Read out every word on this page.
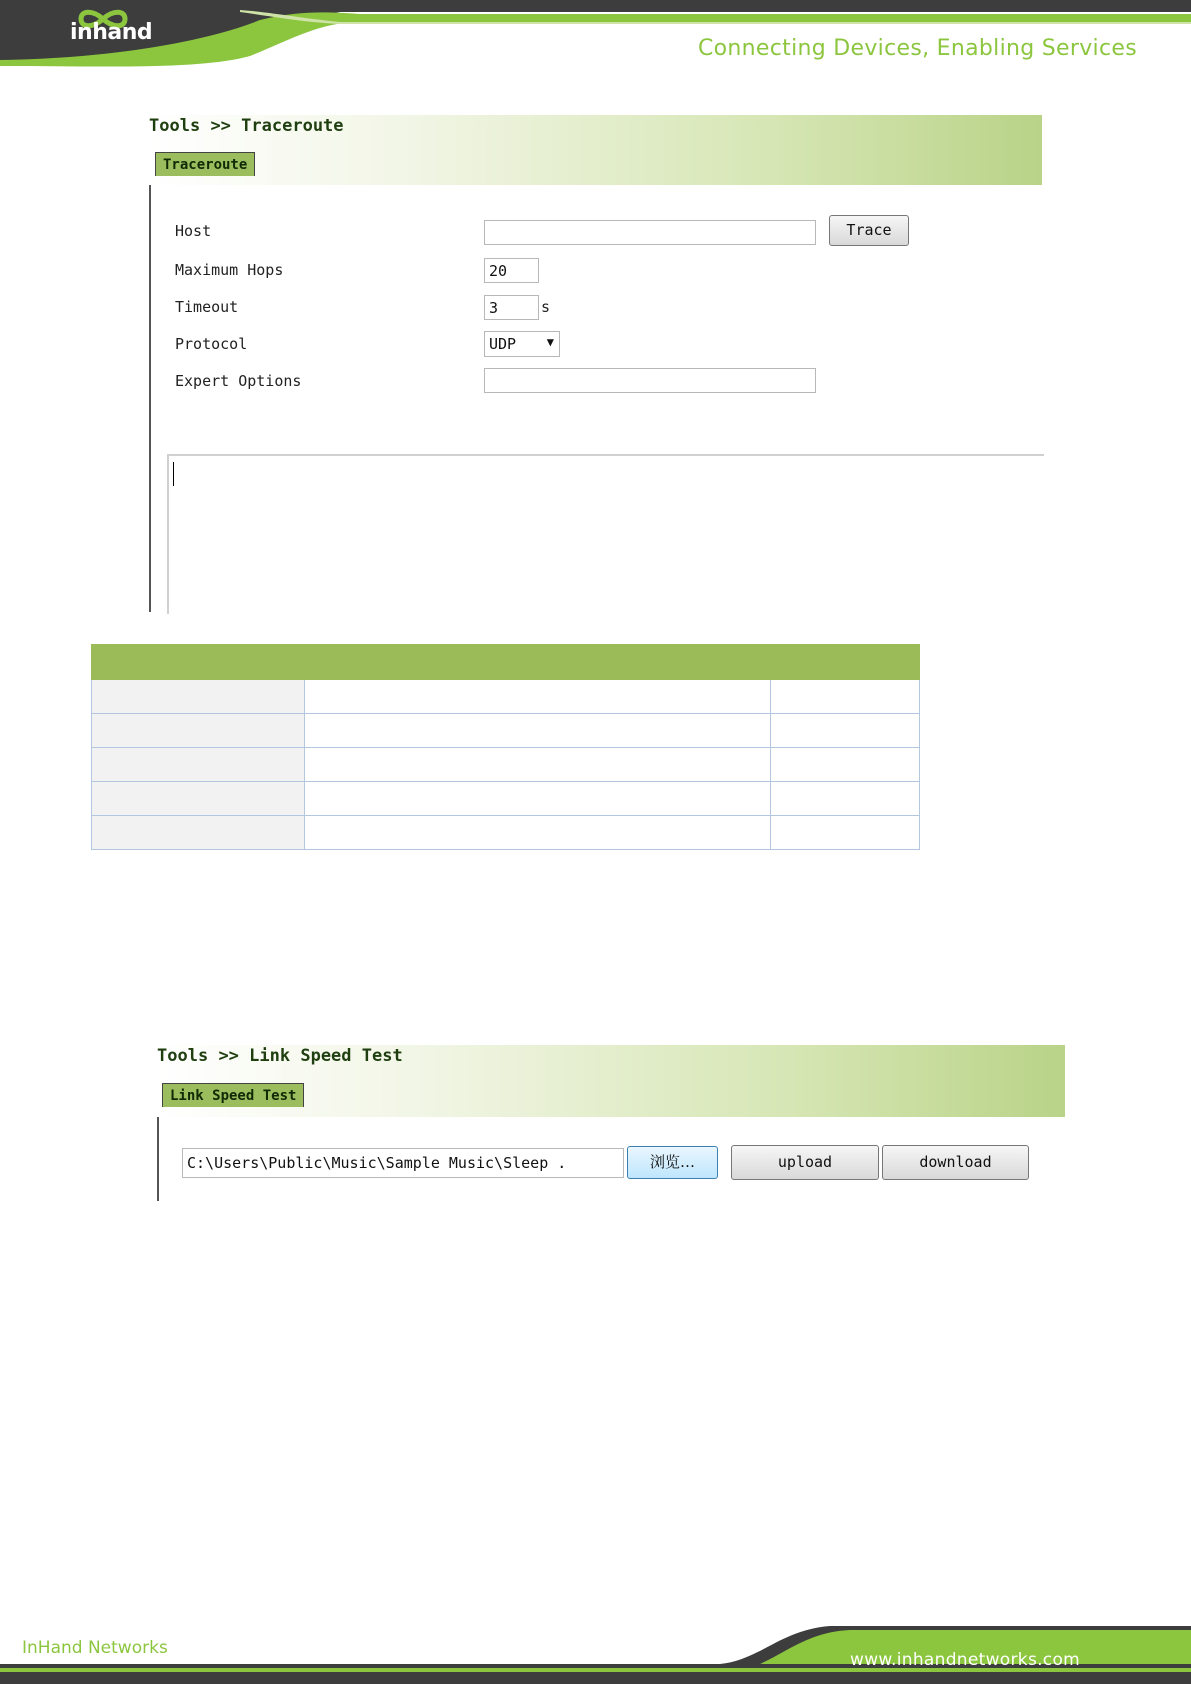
inhand
Connecting Devices, Enabling Services
Tools >> Traceroute
Traceroute
Host	Trace
Maximum Hops	20
Timeout	3	s
Protocol	UDP	▼
Expert Options

Tools >> Link Speed Test
Link Speed Test
C:\Users\Public\Music\Sample Music\Sleep .	浏览…	upload	download
InHand Networks
www.inhandnetworks.com
